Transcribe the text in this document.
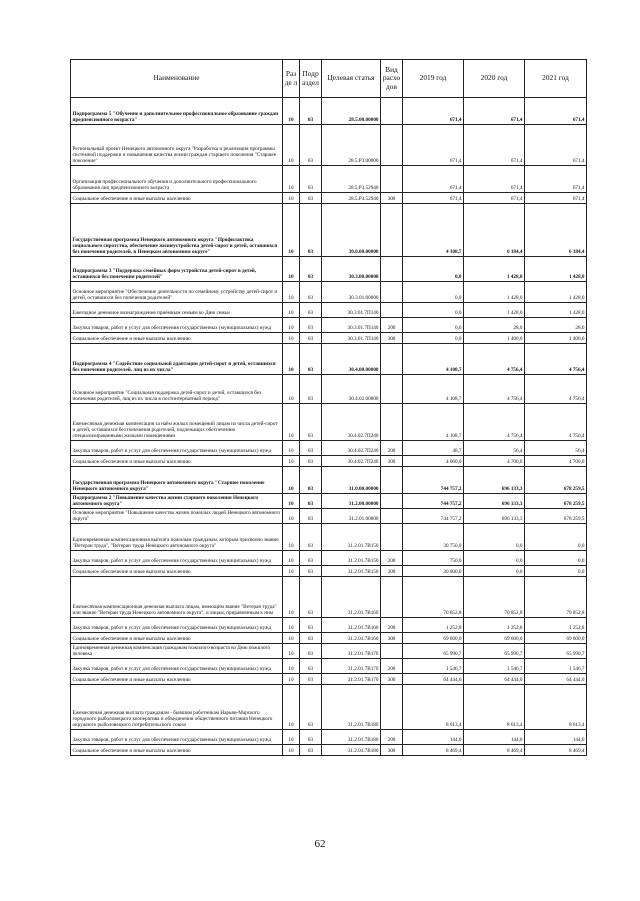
Наименование	Разде л	Подр аздел	Целевая статья	Вид расхо дов	2019 год	2020 год	2021 год
Подпрограмма 5 "Обучение и дополнительное профессиональное образование граждан предпенсионного возраста"	10	03	28.5.00.00000		671,4	671,4	671,4
Региональный проект Ненецкого автономного округа "Разработка и реализация программы системной поддержки и повышения качества жизни граждан старшего поколения "Старшее поколение"	10	03	28.5.P3.00000		671,4	671,4	671,4
Организация профессионального обучения и дополнительного профессионального образования лиц предпенсионного возраста	10	03	28.5.P3.52940		671,4	671,4	671,4
Социальное обеспечение и иные выплаты населению	10	03	28.5.P3.52940	300	671,4	671,4	671,4
Государственная программа Ненецкого автономного округа "Профилактика социального сиротства, обеспечение жизнеустройства детей-сирот и детей, оставшихся без попечения родителей, в Ненецком автономном округе"	10	03	30.0.00.00000		4 108,7	6 184,4	6 184,4
Подпрограмма 3 "Поддержка семейных форм устройства детей-сирот и детей, оставшихся без попечения родителей"	10	03	30.3.00.00000		0,0	1 428,0	1 428,0
Основное мероприятие "Обеспечение деятельности по семейному устройству детей-сирот и детей, оставшихся без попечения родителей"	10	03	30.3.01.00000		0,0	1 428,0	1 428,0
Ежегодное денежное вознаграждение приёмным семьям ко Дню семьи	10	03	30.3.01.7П140		0,0	1 428,0	1 428,0
Закупка товаров, работ и услуг для обеспечения государственных (муниципальных) нужд	10	03	30.3.01.7П140	200	0,0	28,0	28,0
Социальное обеспечение и иные выплаты населению	10	03	30.3.01.7П140	300	0,0	1 400,0	1 400,0
Подпрограмма 4 "Содействие социальной адаптации детей-сирот и детей, оставшихся без попечения родителей, лиц из их числа"	10	03	30.4.00.00000		4 108,7	4 756,4	4 756,4
Основное мероприятие "Социальная поддержка детей-сирот и детей, оставшихся без попечения родителей, лиц из их числа в постинтернатный период"	10	03	30.4.02.00000		4 108,7	4 756,4	4 756,4
Ежемесячная денежная компенсация за наём жилых помещений лицам из числа детей-сирот и детей, оставшихся без попечения родителей, подлежащих обеспечению специализированными жилыми помещениями	10	03	30.4.02.7П240		4 108,7	4 756,4	4 756,4
Закупка товаров, работ и услуг для обеспечения государственных (муниципальных) нужд	10	03	30.4.02.7П240	200	48,7	56,4	56,4
Социальное обеспечение и иные выплаты населению	10	03	30.4.02.7П240	300	4 060,0	4 700,0	4 700,0
Государственная программа Ненецкого автономного округа "Старшее поколение Ненецкого автономного округа"	10	03	31.0.00.00000		744 757,2	696 133,3	678 259,5
Подпрограмма 2 "Повышение качества жизни старшего поколения Ненецкого автономного округа"	10	03	31.2.00.00000		744 757,2	696 133,3	678 259,5
Основное мероприятие "Повышение качества жизни пожилых людей Ненецкого автономного округа"	10	03	31.2.01.00000		744 757,2	696 133,3	678 259,5
Единовременная компенсационная выплата пожилым гражданам, которым присвоено звание "Ветеран труда", "Ветеран труда Ненецкого автономного округа"	10	03	31.2.01.7В150		30 750,0	0,0	0,0
Закупка товаров, работ и услуг для обеспечения государственных (муниципальных) нужд	10	03	31.2.01.7В150	200	750,0	0,0	0,0
Социальное обеспечение и иные выплаты населению	10	03	31.2.01.7В150	300	30 000,0	0,0	0,0
Ежемесячная компенсационная денежная выплата лицам, имеющим звание "Ветеран труда" или звание "Ветеран труда Ненецкого автономного округа", и лицам, приравненным к ним	10	03	31.2.01.7В160		70 852,8	70 852,8	70 852,8
Закупка товаров, работ и услуг для обеспечения государственных (муниципальных) нужд	10	03	31.2.01.7В160	200	1 252,8	1 252,8	1 252,8
Социальное обеспечение и иные выплаты населению	10	03	31.2.01.7В160	300	69 600,0	69 600,0	69 600,0
Единовременная денежная компенсация гражданам пожилого возраста ко Дню пожилого человека	10	03	31.2.01.7В170		65 990,7	65 990,7	65 990,7
Закупка товаров, работ и услуг для обеспечения государственных (муниципальных) нужд	10	03	31.2.01.7В170	200	1 546,7	1 546,7	1 546,7
Социальное обеспечение и иные выплаты населению	10	03	31.2.01.7В170	300	64 444,0	64 444,0	64 444,0
Ежемесячная денежная выплата гражданам - бывшим работникам Нарьян-Марского городского рыболовецкого кооператива и объединения общественного питания Ненецкого окружного рыболовецкого потребительского союза	10	03	31.2.01.7В180		8 613,4	8 613,4	8 613,4
Закупка товаров, работ и услуг для обеспечения государственных (муниципальных) нужд	10	03	31.2.01.7В180	200	144,0	144,0	144,0
Социальное обеспечение и иные выплаты населению	10	03	31.2.01.7В180	300	8 469,4	8 469,4	8 469,4
62
